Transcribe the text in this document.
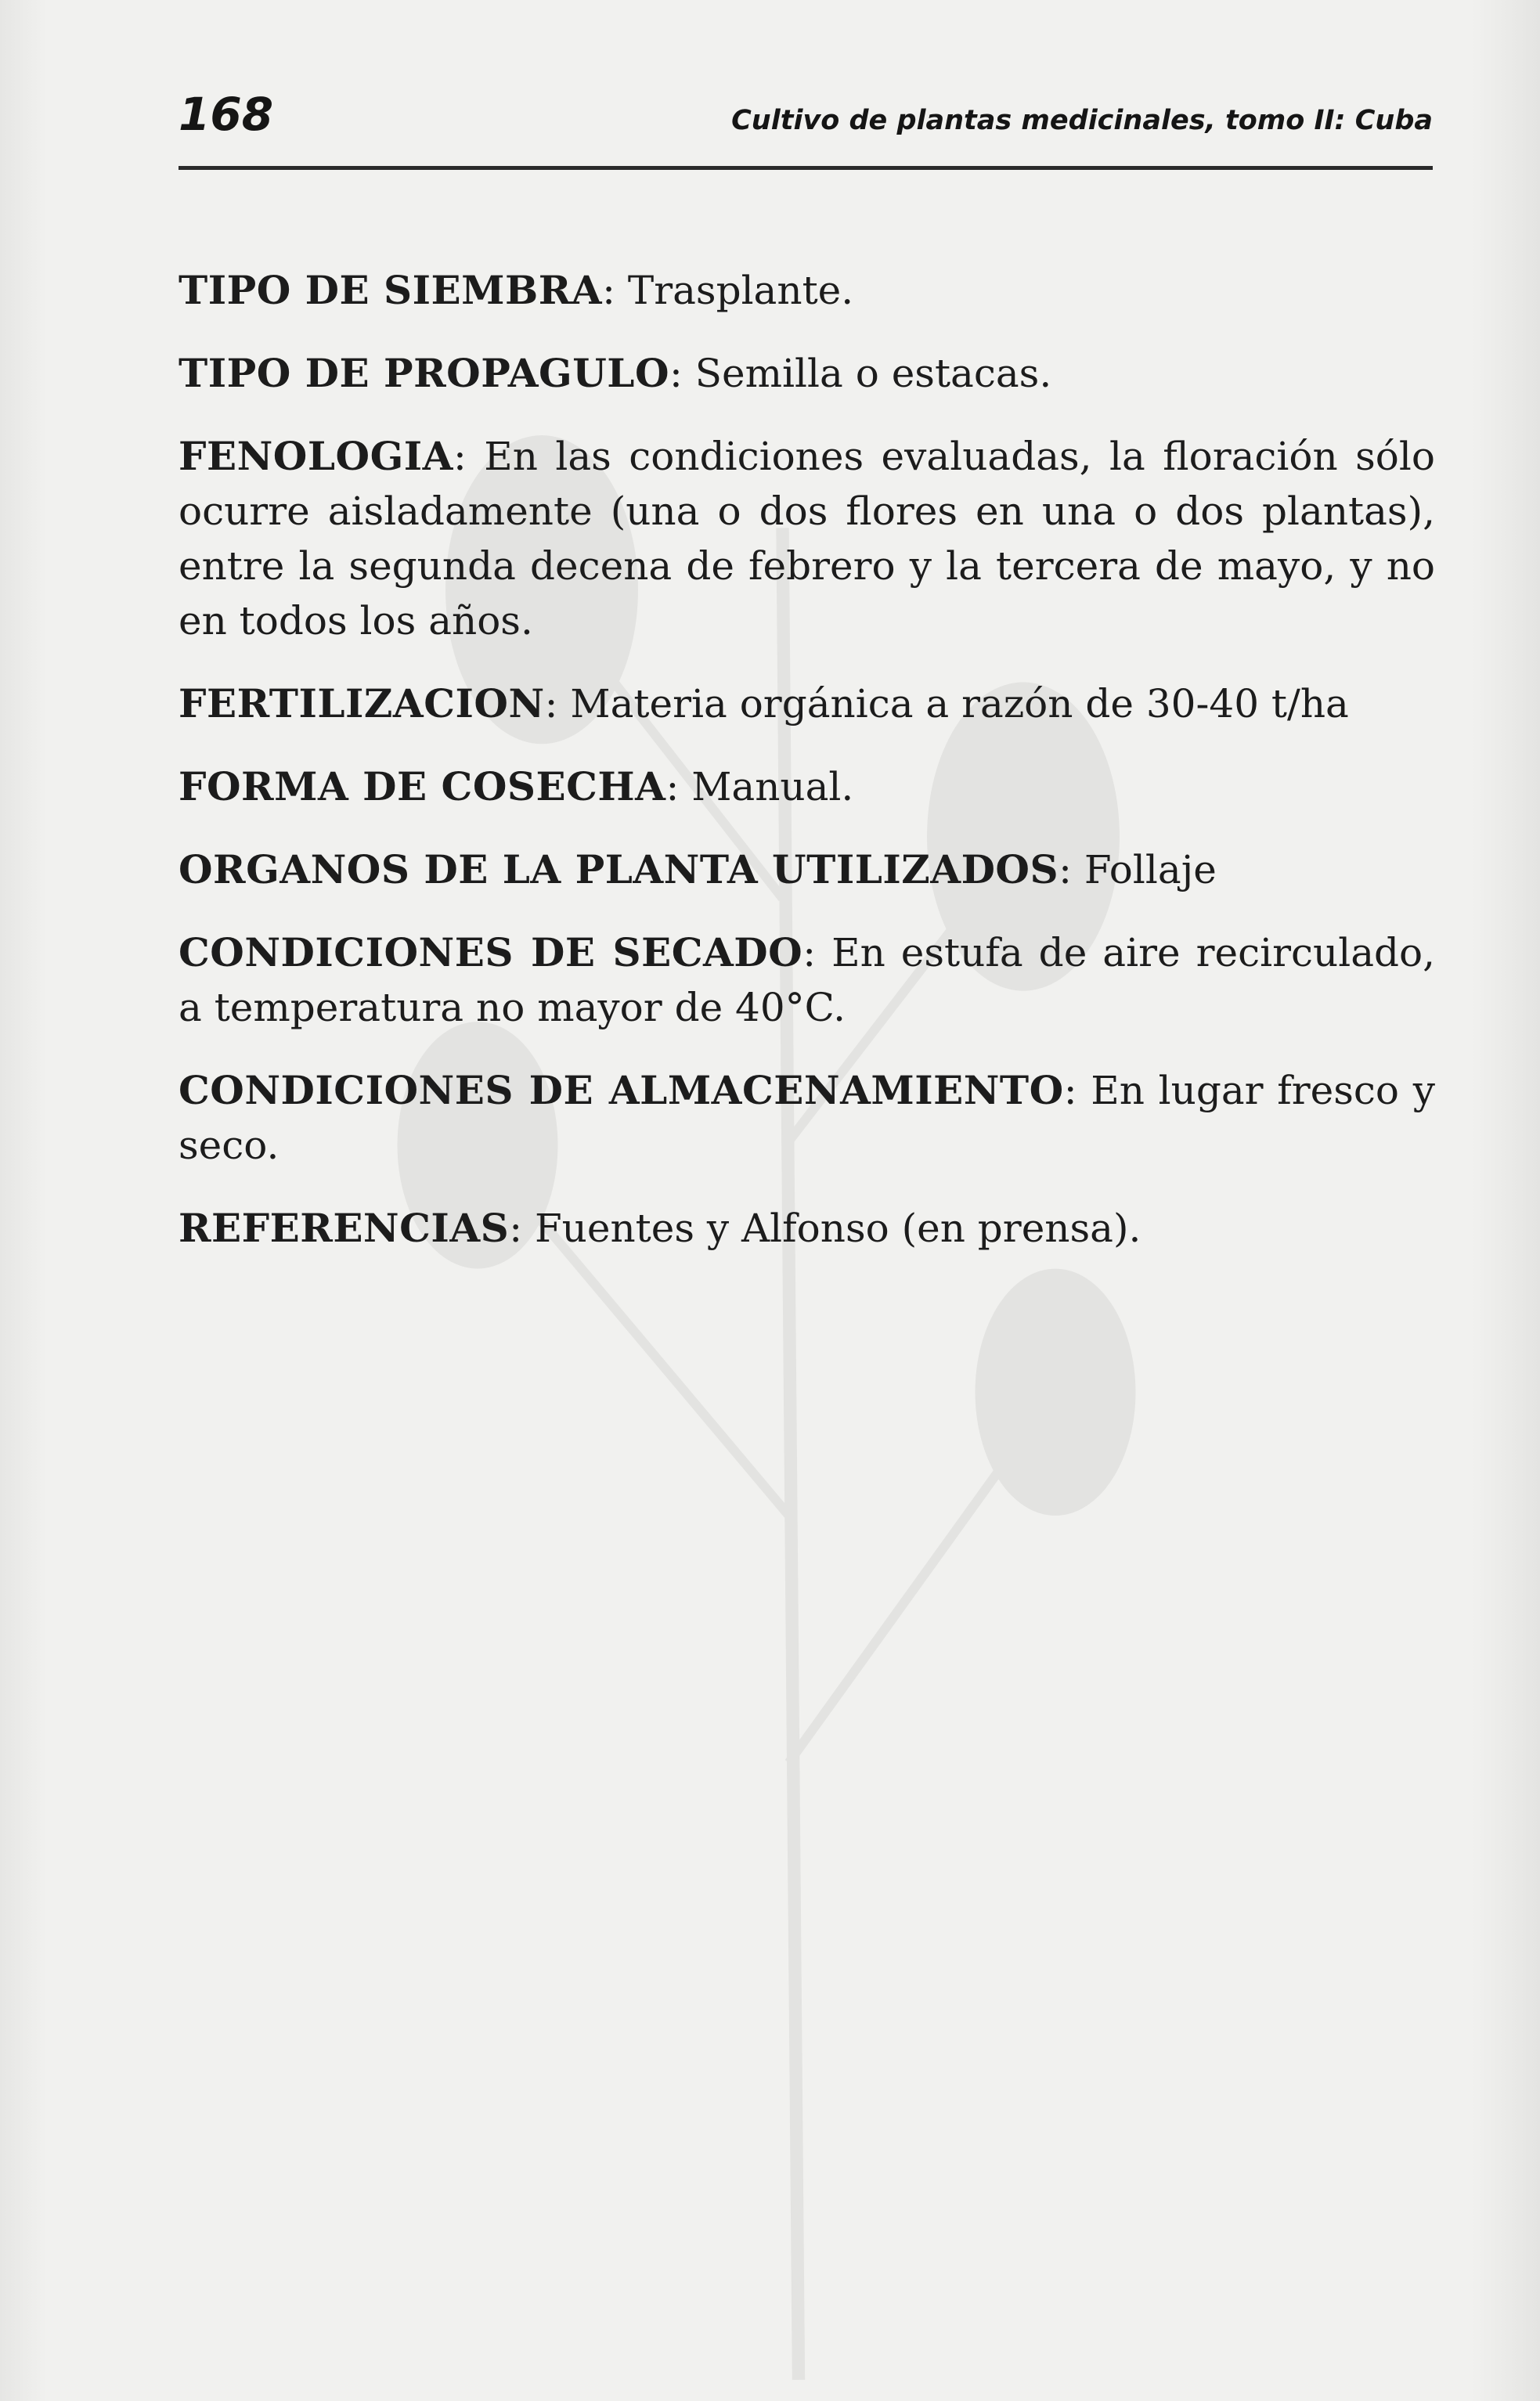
168	Cultivo de plantas medicinales, tomo II: Cuba

TIPO DE SIEMBRA: Trasplante.

TIPO DE PROPAGULO: Semilla o estacas.

FENOLOGIA: En las condiciones evaluadas, la floración sólo ocurre aisladamente (una o dos flores en una o dos plantas), entre la segunda decena de febrero y la tercera de mayo, y no en todos los años.

FERTILIZACION: Materia orgánica a razón de 30-40 t/ha

FORMA DE COSECHA: Manual.

ORGANOS DE LA PLANTA UTILIZADOS: Follaje

CONDICIONES DE SECADO: En estufa de aire recirculado, a temperatura no mayor de 40°C.

CONDICIONES DE ALMACENAMIENTO: En lugar fresco y seco.

REFERENCIAS: Fuentes y Alfonso (en prensa).
